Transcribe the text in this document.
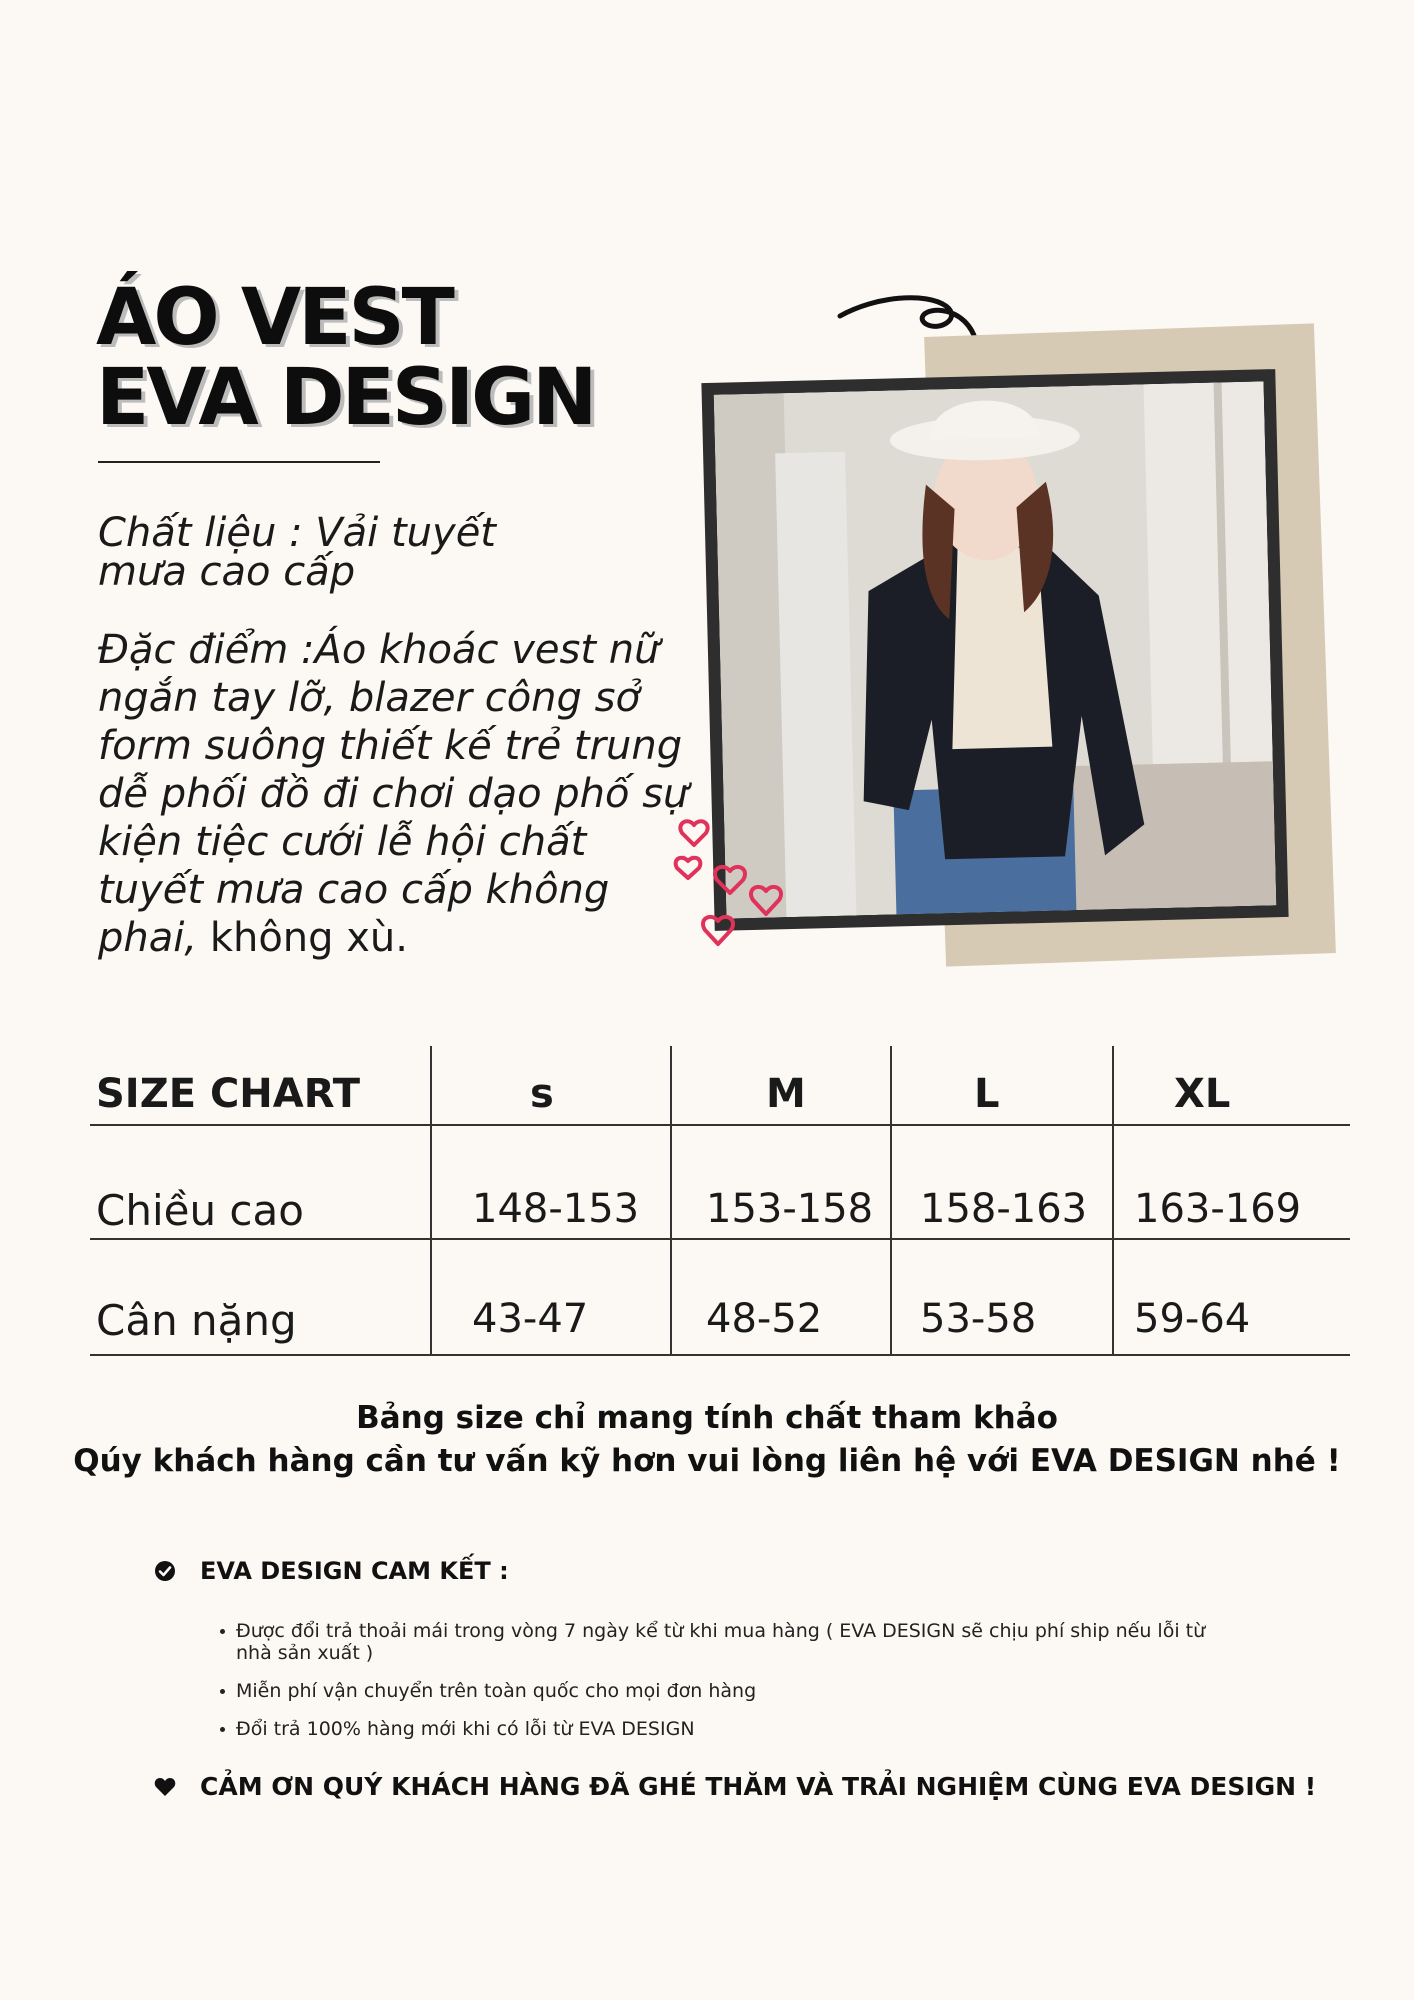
ÁO VEST
EVA DESIGN
Chất liệu : Vải tuyết mưa cao cấp
Đặc điểm :Áo khoác vest nữ ngắn tay lỡ, blazer công sở form suông thiết kế trẻ trung dễ phối đồ đi chơi dạo phố sự kiện tiệc cưới lễ hội chất tuyết mưa cao cấp không phai, không xù.
SIZE CHART	s	M	L	XL
Chiều cao	148-153 153-158 158-163 163-169
Cân nặng	43-47	48-52 53-58 59-64
Bảng size chỉ mang tính chất tham khảo
Qúy khách hàng cần tư vấn kỹ hơn vui lòng liên hệ với EVA DESIGN nhé !
EVA DESIGN CAM KẾT :
Được đổi trả thoải mái trong vòng 7 ngày kể từ khi mua hàng ( EVA DESIGN sẽ chịu phí ship nếu lỗi từ nhà sản xuất )
Miễn phí vận chuyển trên toàn quốc cho mọi đơn hàng
Đổi trả 100% hàng mới khi có lỗi từ EVA DESIGN
CẢM ƠN QUÝ KHÁCH HÀNG ĐÃ GHÉ THĂM VÀ TRẢI NGHIỆM CÙNG EVA DESIGN !
